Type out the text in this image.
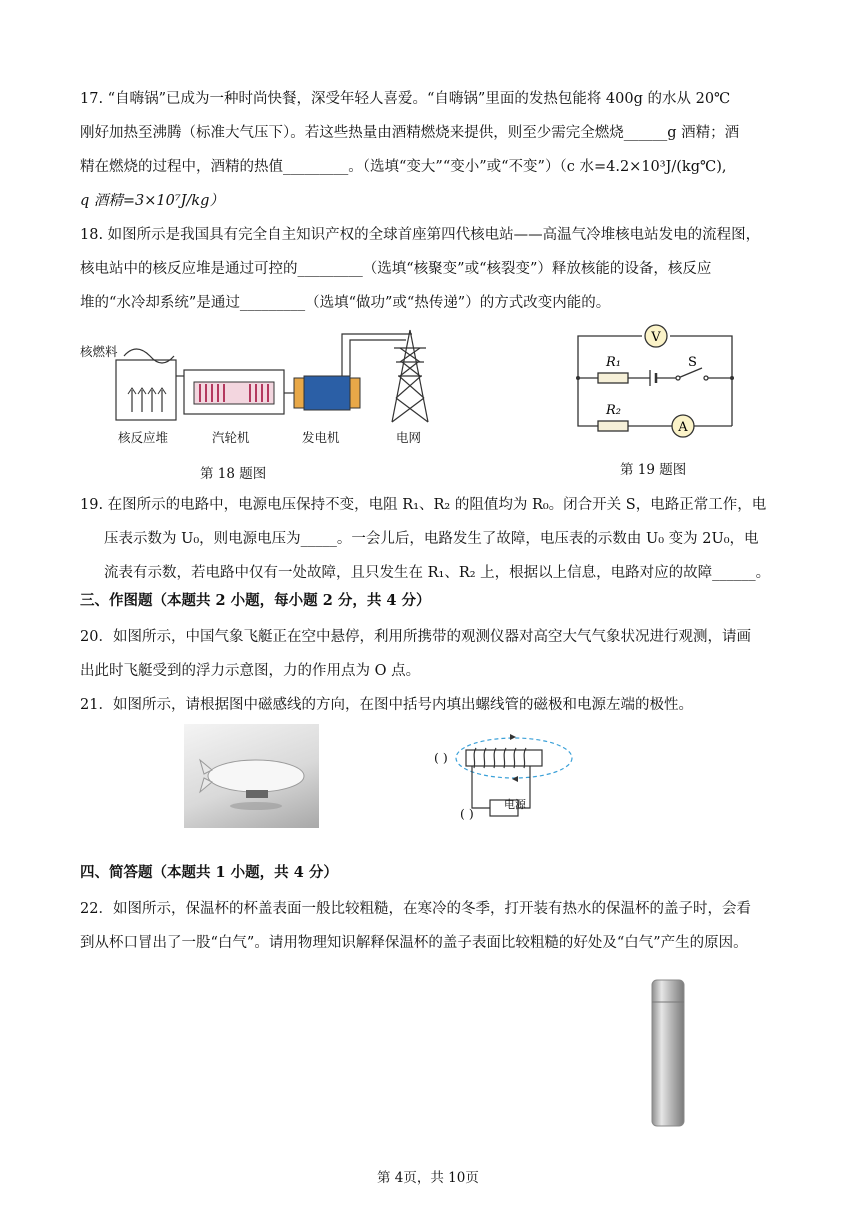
17. “自嗨锅”已成为一种时尚快餐，深受年轻人喜爱。“自嗨锅”里面的发热包能将 400g 的水从 20℃
刚好加热至沸腾（标准大气压下）。若这些热量由酒精燃烧来提供，则至少需完全燃烧______g 酒精；酒
精在燃烧的过程中，酒精的热值_________。（选填“变大”“变小”或“不变”）（c 水=4.2×10³J/(kg℃),
q 酒精=3×10⁷J/kg）
18. 如图所示是我国具有完全自主知识产权的全球首座第四代核电站——高温气冷堆核电站发电的流程图，
核电站中的核反应堆是通过可控的_________（选填“核聚变”或“核裂变”）释放核能的设备，核反应
堆的“水冷却系统”是通过_________（选填“做功”或“热传递”）的方式改变内能的。
核燃料
核反应堆	汽轮机	发电机	电网
第 18 题图
V
A
R₁
R₂
S
第 19 题图
19. 在图所示的电路中，电源电压保持不变，电阻 R₁、R₂ 的阻值均为 R₀。闭合开关 S，电路正常工作，电
压表示数为 U₀，则电源电压为_____。一会儿后，电路发生了故障，电压表的示数由 U₀ 变为 2U₀，电
流表有示数，若电路中仅有一处故障，且只发生在 R₁、R₂ 上，根据以上信息，电路对应的故障______。
三、作图题（本题共 2 小题，每小题 2 分，共 4 分）
20．如图所示，中国气象飞艇正在空中悬停，利用所携带的观测仪器对高空大气气象状况进行观测，请画
出此时飞艇受到的浮力示意图，力的作用点为 O 点。
21．如图所示，请根据图中磁感线的方向，在图中括号内填出螺线管的磁极和电源左端的极性。
电源
( )
( )
四、简答题（本题共 1 小题，共 4 分）
22．如图所示，保温杯的杯盖表面一般比较粗糙，在寒冷的冬季，打开装有热水的保温杯的盖子时，会看
到从杯口冒出了一股“白气”。请用物理知识解释保温杯的盖子表面比较粗糙的好处及“白气”产生的原因。
第 4页，共 10页
